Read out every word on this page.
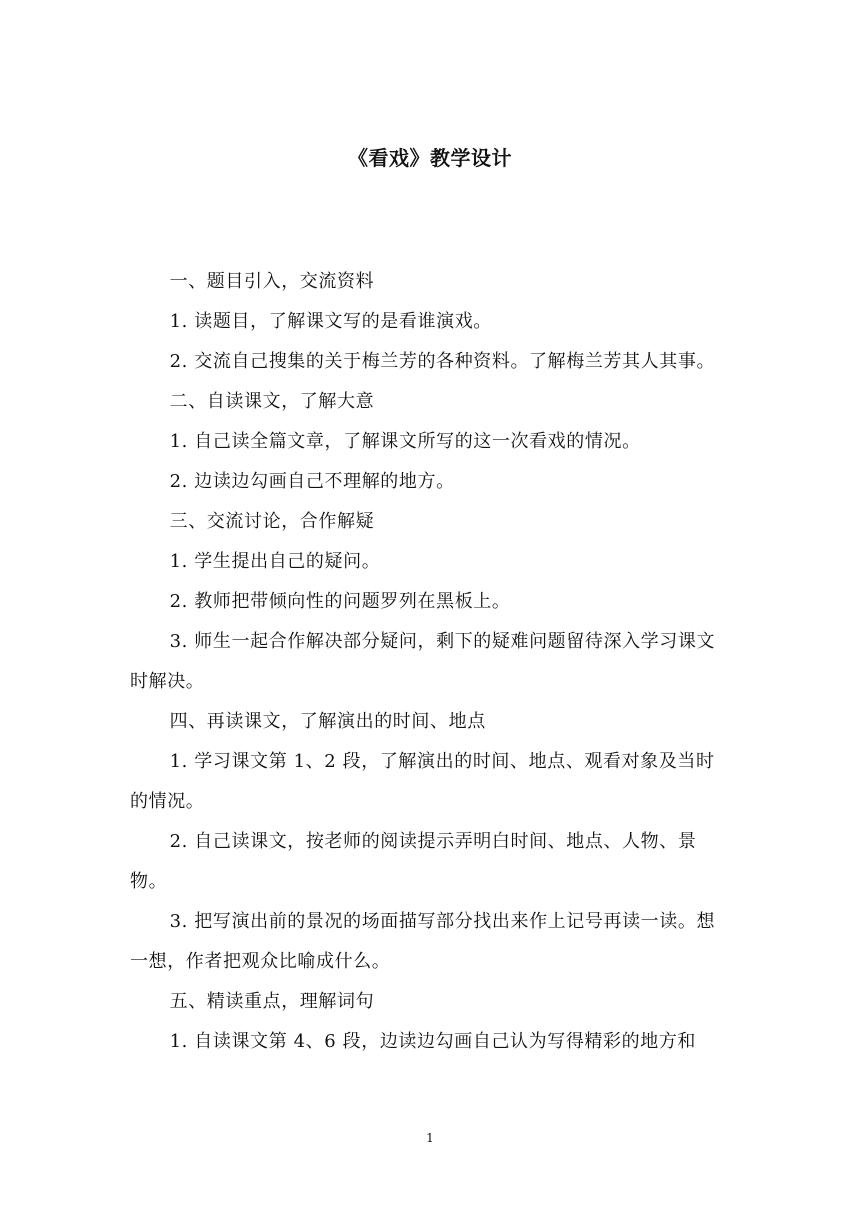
《看戏》教学设计

一、题目引入，交流资料

1. 读题目，了解课文写的是看谁演戏。

2. 交流自己搜集的关于梅兰芳的各种资料。了解梅兰芳其人其事。

二、自读课文，了解大意

1. 自己读全篇文章，了解课文所写的这一次看戏的情况。

2. 边读边勾画自己不理解的地方。

三、交流讨论，合作解疑

1. 学生提出自己的疑问。

2. 教师把带倾向性的问题罗列在黑板上。

3. 师生一起合作解决部分疑问，剩下的疑难问题留待深入学习课文时解决。

四、再读课文，了解演出的时间、地点

1. 学习课文第 1、2 段，了解演出的时间、地点、观看对象及当时的情况。

2. 自己读课文，按老师的阅读提示弄明白时间、地点、人物、景物。

3. 把写演出前的景况的场面描写部分找出来作上记号再读一读。想一想，作者把观众比喻成什么。

五、精读重点，理解词句

1. 自读课文第 4、6 段，边读边勾画自己认为写得精彩的地方和

1
